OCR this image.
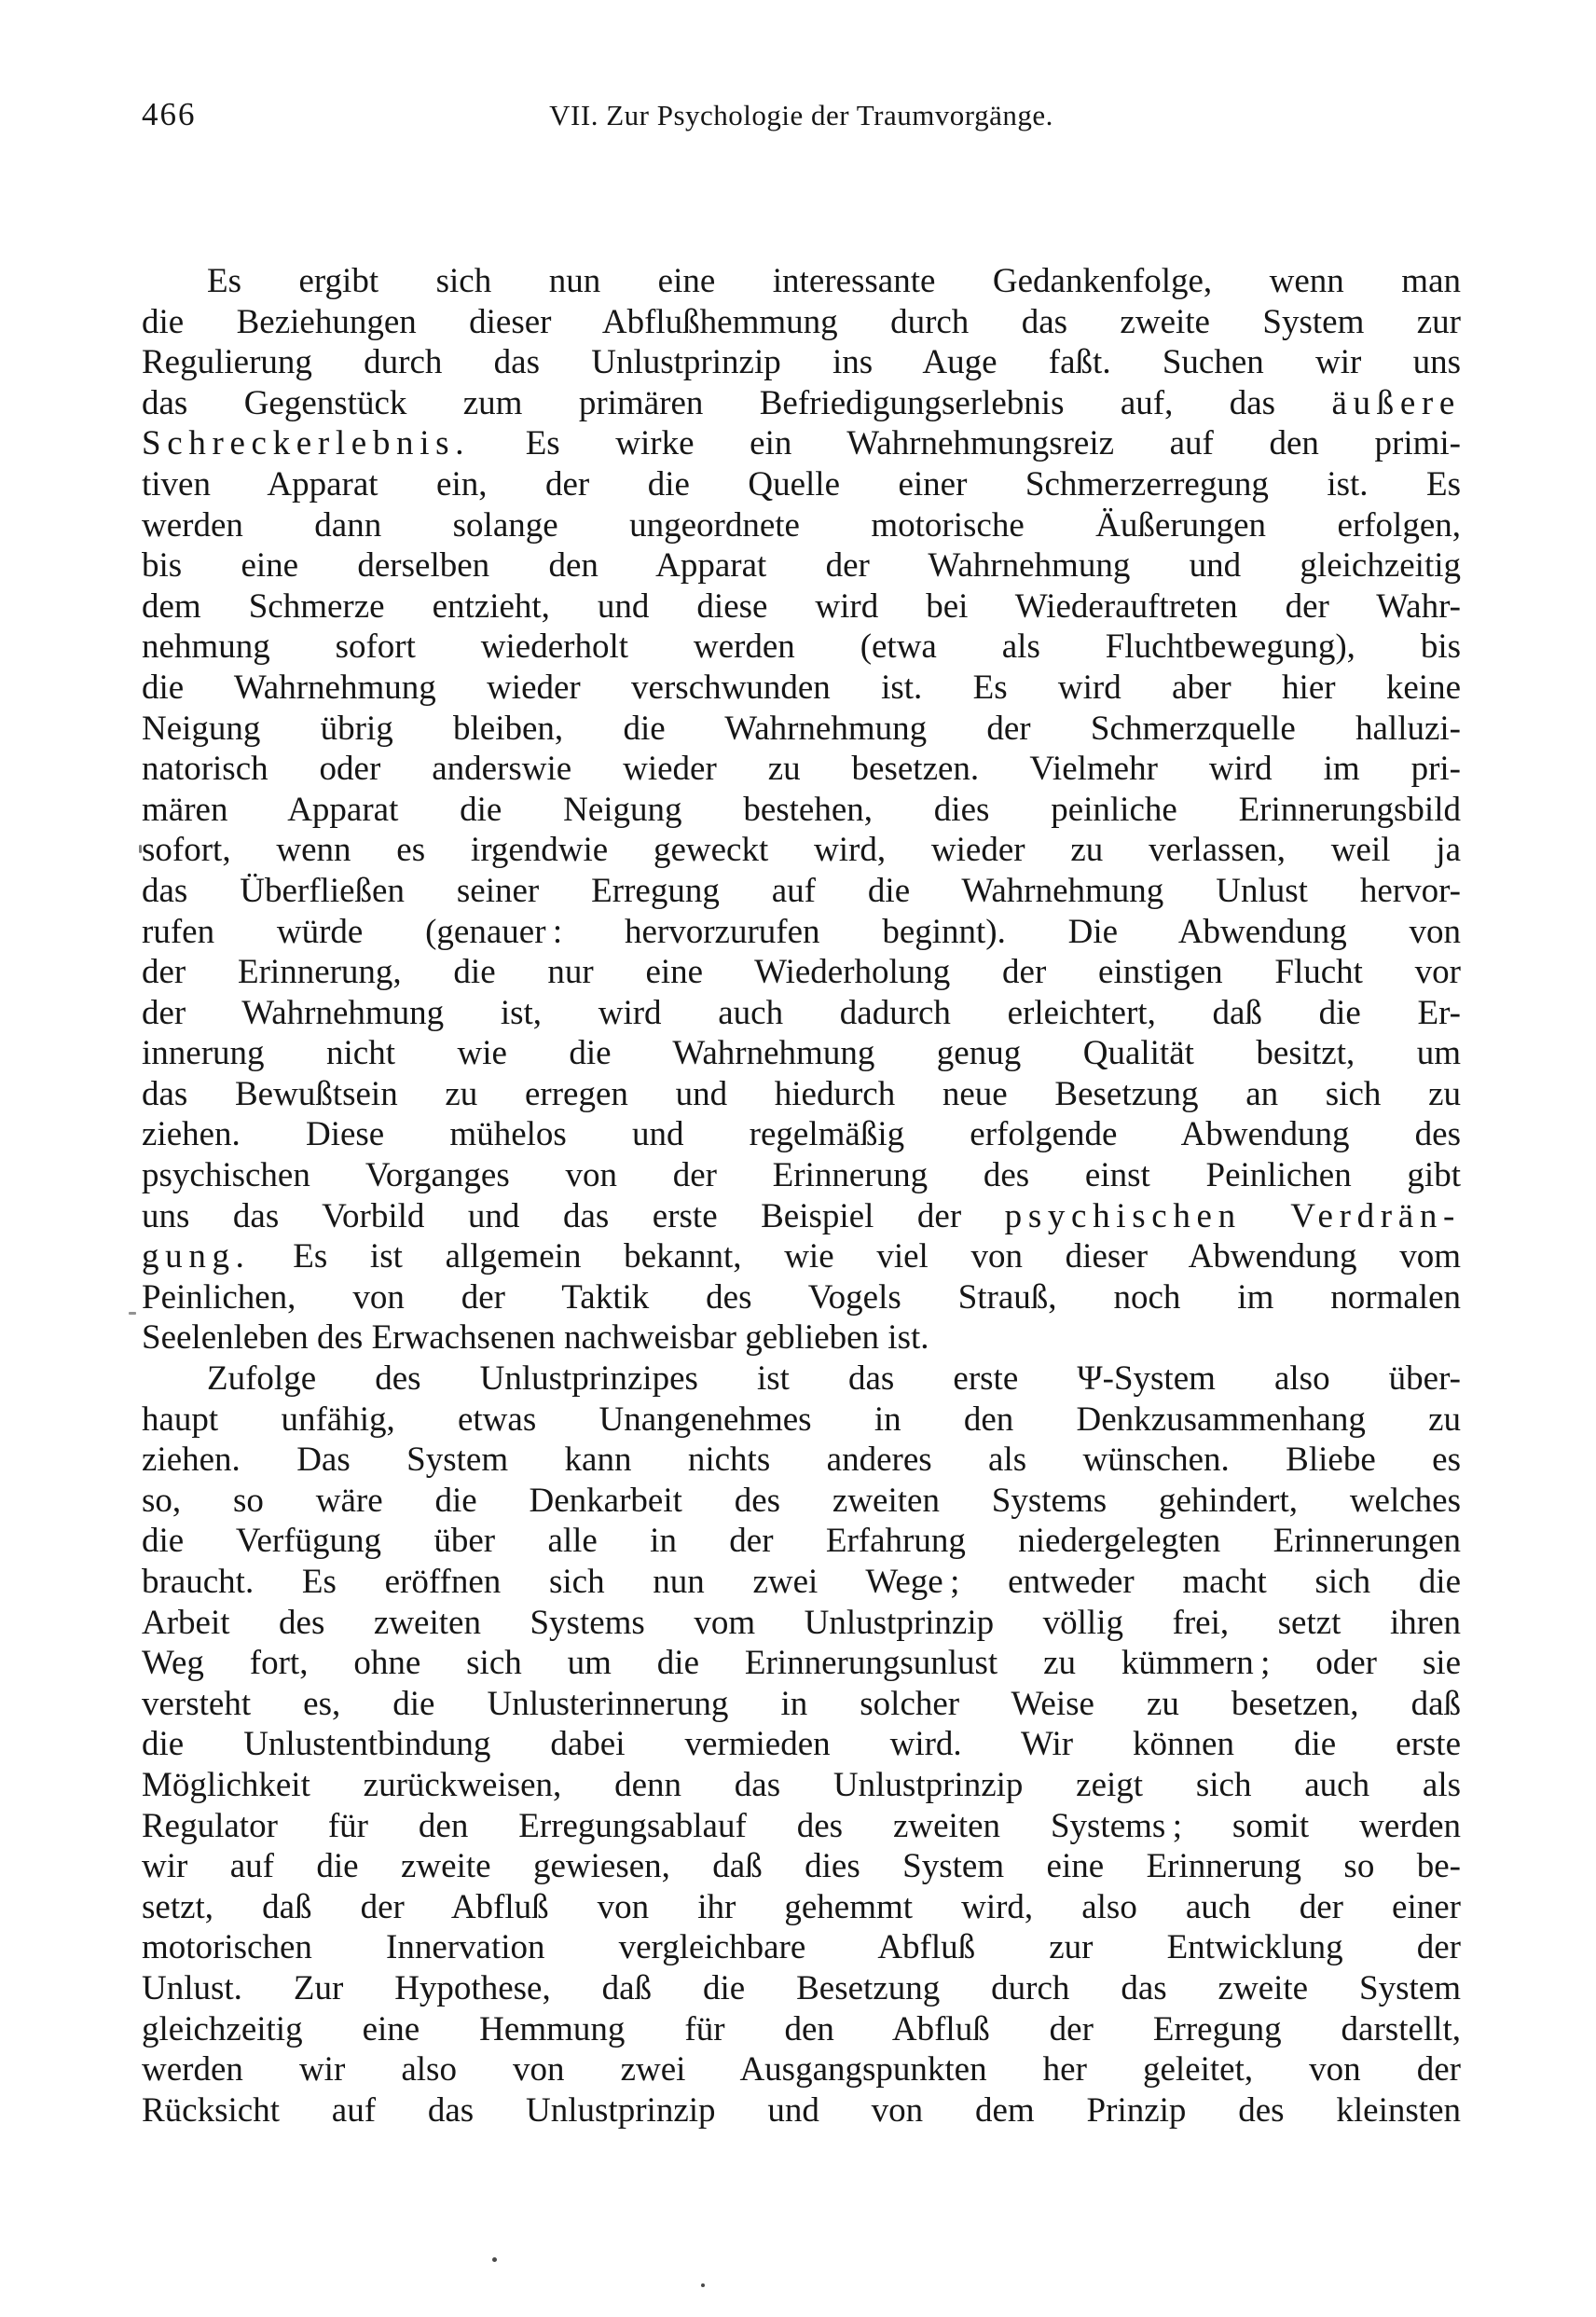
466	VII. Zur Psychologie der Traumvorgänge.
Es ergibt sich nun eine interessante Gedankenfolge, wenn man
die Beziehungen dieser Abflußhemmung durch das zweite System zur
Regulierung durch das Unlustprinzip ins Auge faßt. Suchen wir uns
das Gegenstück zum primären Befriedigungserlebnis auf, das äußere
Schreckerlebnis. Es wirke ein Wahrnehmungsreiz auf den primi-
tiven Apparat ein, der die Quelle einer Schmerzerregung ist. Es
werden dann solange ungeordnete motorische Äußerungen erfolgen,
bis eine derselben den Apparat der Wahrnehmung und gleichzeitig
dem Schmerze entzieht, und diese wird bei Wiederauftreten der Wahr-
nehmung sofort wiederholt werden (etwa als Fluchtbewegung), bis
die Wahrnehmung wieder verschwunden ist. Es wird aber hier keine
Neigung übrig bleiben, die Wahrnehmung der Schmerzquelle halluzi-
natorisch oder anderswie wieder zu besetzen. Vielmehr wird im pri-
mären Apparat die Neigung bestehen, dies peinliche Erinnerungsbild
sofort, wenn es irgendwie geweckt wird, wieder zu verlassen, weil ja
das Überfließen seiner Erregung auf die Wahrnehmung Unlust hervor-
rufen würde (genauer : hervorzurufen beginnt). Die Abwendung von
der Erinnerung, die nur eine Wiederholung der einstigen Flucht vor
der Wahrnehmung ist, wird auch dadurch erleichtert, daß die Er-
innerung nicht wie die Wahrnehmung genug Qualität besitzt, um
das Bewußtsein zu erregen und hiedurch neue Besetzung an sich zu
ziehen. Diese mühelos und regelmäßig erfolgende Abwendung des
psychischen Vorganges von der Erinnerung des einst Peinlichen gibt
uns das Vorbild und das erste Beispiel der psychischen Verdrän-
gung. Es ist allgemein bekannt, wie viel von dieser Abwendung vom
Peinlichen, von der Taktik des Vogels Strauß, noch im normalen
Seelenleben des Erwachsenen nachweisbar geblieben ist.
Zufolge des Unlustprinzipes ist das erste Ψ-System also über-
haupt unfähig, etwas Unangenehmes in den Denkzusammenhang zu
ziehen. Das System kann nichts anderes als wünschen. Bliebe es
so, so wäre die Denkarbeit des zweiten Systems gehindert, welches
die Verfügung über alle in der Erfahrung niedergelegten Erinnerungen
braucht. Es eröffnen sich nun zwei Wege ; entweder macht sich die
Arbeit des zweiten Systems vom Unlustprinzip völlig frei, setzt ihren
Weg fort, ohne sich um die Erinnerungsunlust zu kümmern ; oder sie
versteht es, die Unlusterinnerung in solcher Weise zu besetzen, daß
die Unlustentbindung dabei vermieden wird. Wir können die erste
Möglichkeit zurückweisen, denn das Unlustprinzip zeigt sich auch als
Regulator für den Erregungsablauf des zweiten Systems ; somit werden
wir auf die zweite gewiesen, daß dies System eine Erinnerung so be-
setzt, daß der Abfluß von ihr gehemmt wird, also auch der einer
motorischen Innervation vergleichbare Abfluß zur Entwicklung der
Unlust. Zur Hypothese, daß die Besetzung durch das zweite System
gleichzeitig eine Hemmung für den Abfluß der Erregung darstellt,
werden wir also von zwei Ausgangspunkten her geleitet, von der
Rücksicht auf das Unlustprinzip und von dem Prinzip des kleinsten
